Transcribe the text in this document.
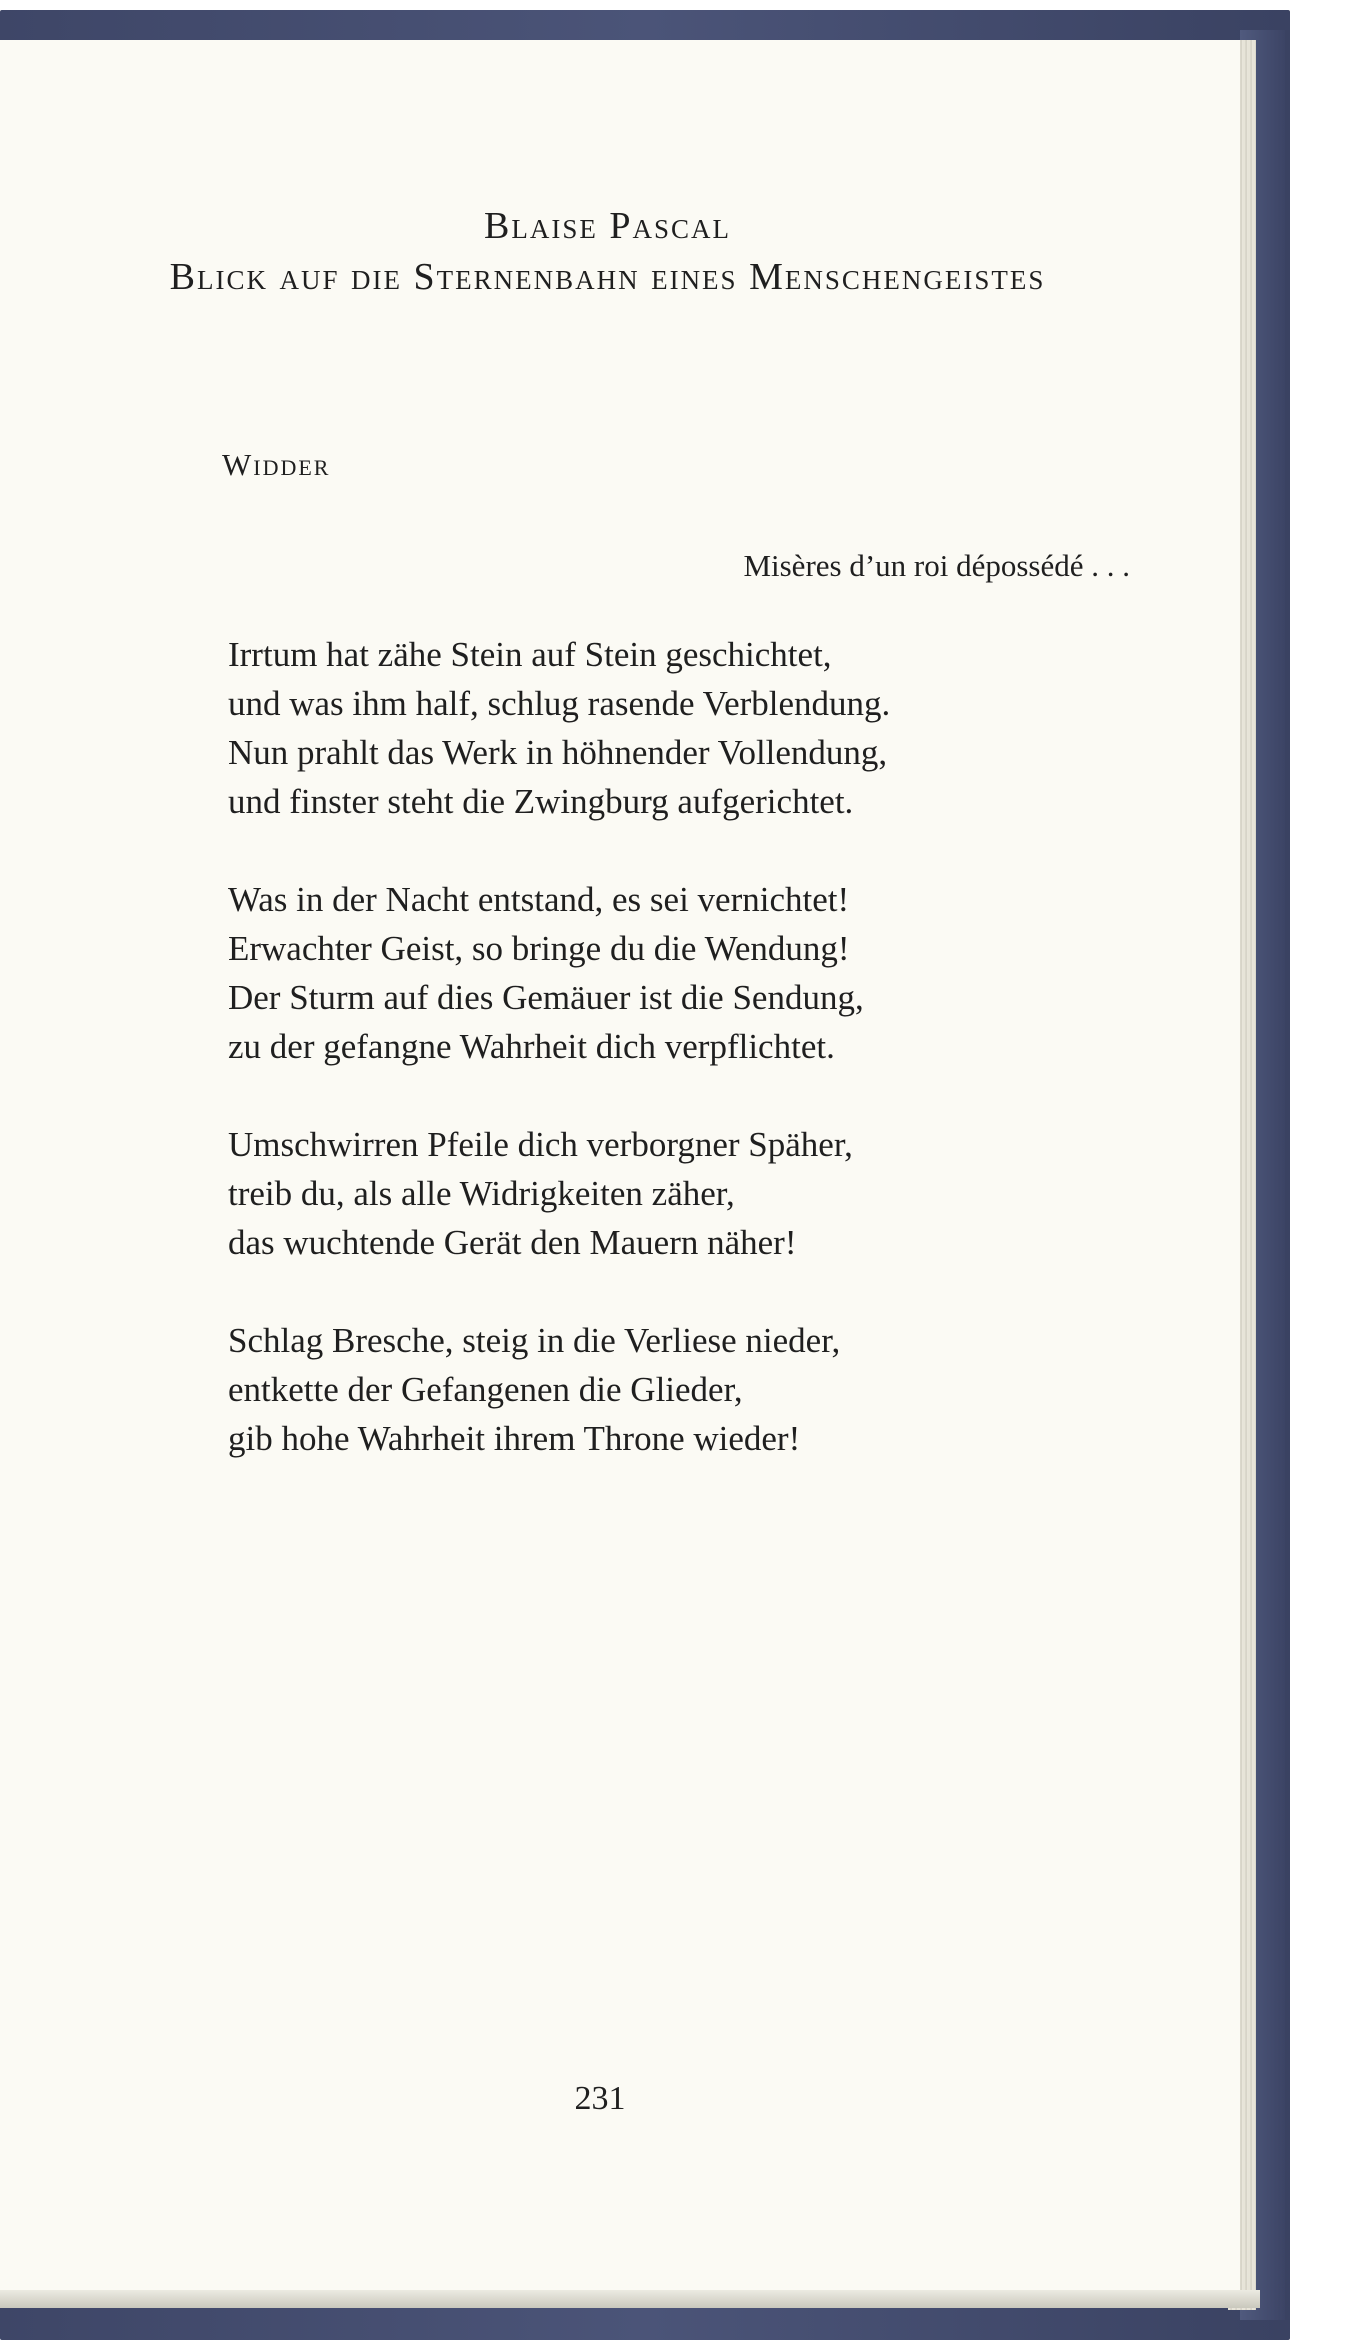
Blaise Pascal
Blick auf die Sternenbahn eines Menschengeistes
Widder
Misères d’un roi dépossédé . . .
Irrtum hat zähe Stein auf Stein geschichtet,
und was ihm half, schlug rasende Verblendung.
Nun prahlt das Werk in höhnender Vollendung,
und finster steht die Zwingburg aufgerichtet.
Was in der Nacht entstand, es sei vernichtet!
Erwachter Geist, so bringe du die Wendung!
Der Sturm auf dies Gemäuer ist die Sendung,
zu der gefangne Wahrheit dich verpflichtet.
Umschwirren Pfeile dich verborgner Späher,
treib du, als alle Widrigkeiten zäher,
das wuchtende Gerät den Mauern näher!
Schlag Bresche, steig in die Verliese nieder,
entkette der Gefangenen die Glieder,
gib hohe Wahrheit ihrem Throne wieder!
231
